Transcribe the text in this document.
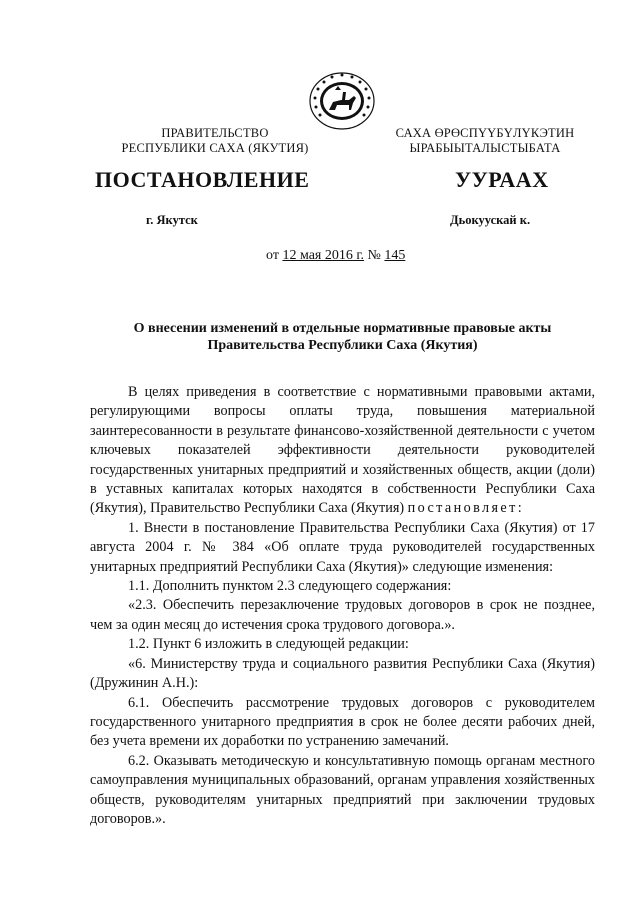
ПРАВИТЕЛЬСТВО
РЕСПУБЛИКИ САХА (ЯКУТИЯ)
САХА ӨРӨСПҮҮБҮЛҮКЭТИН
ЫРАБЫЫТАЛЫСТЫБАТА
ПОСТАНОВЛЕНИЕ	УУРААХ
г. Якутск	Дьокуускай к.
от 12 мая 2016 г. № 145
О внесении изменений в отдельные нормативные правовые акты
Правительства Республики Саха (Якутия)

В целях приведения в соответствие с нормативными правовыми актами, регулирующими вопросы оплаты труда, повышения материальной заинтересованности в результате финансово-хозяйственной деятельности с учетом ключевых показателей эффективности деятельности руководителей государственных унитарных предприятий и хозяйственных обществ, акции (доли) в уставных капиталах которых находятся в собственности Республики Саха (Якутия), Правительство Республики Саха (Якутия) постановляет:

1. Внести в постановление Правительства Республики Саха (Якутия) от 17 августа 2004 г. № 384 «Об оплате труда руководителей государственных унитарных предприятий Республики Саха (Якутия)» следующие изменения:

1.1. Дополнить пунктом 2.3 следующего содержания:

«2.3. Обеспечить перезаключение трудовых договоров в срок не позднее, чем за один месяц до истечения срока трудового договора.».

1.2. Пункт 6 изложить в следующей редакции:

«6. Министерству труда и социального развития Республики Саха (Якутия) (Дружинин А.Н.):

6.1. Обеспечить рассмотрение трудовых договоров с руководителем государственного унитарного предприятия в срок не более десяти рабочих дней, без учета времени их доработки по устранению замечаний.

6.2. Оказывать методическую и консультативную помощь органам местного самоуправления муниципальных образований, органам управления хозяйственных обществ, руководителям унитарных предприятий при заключении трудовых договоров.».
